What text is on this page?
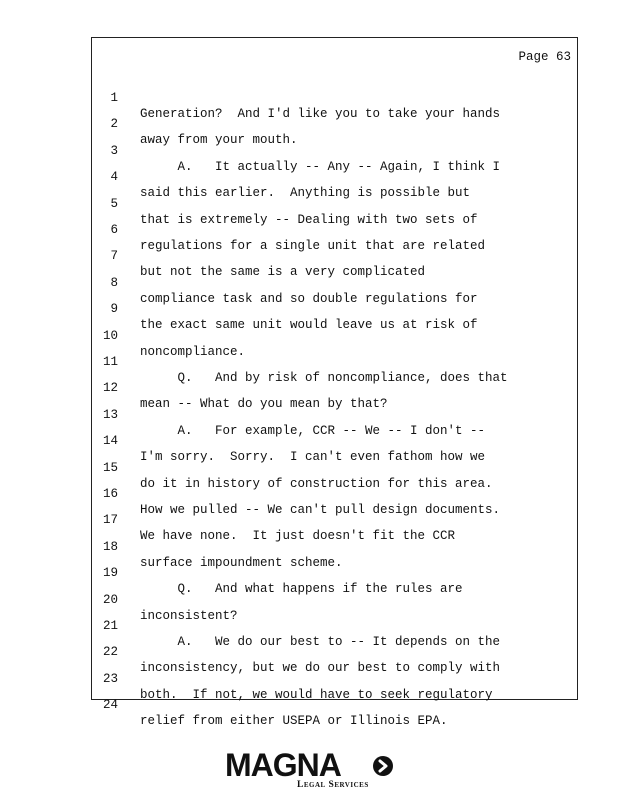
Page 63

1

Generation?  And I'd like you to take your hands

2

away from your mouth.

3

A.   It actually -- Any -- Again, I think I

4

said this earlier.  Anything is possible but

5

that is extremely -- Dealing with two sets of

6

regulations for a single unit that are related

7

but not the same is a very complicated

8

compliance task and so double regulations for

9

the exact same unit would leave us at risk of

10

noncompliance.

11

Q.   And by risk of noncompliance, does that

12

mean -- What do you mean by that?

13

A.   For example, CCR -- We -- I don't --

14

I'm sorry.  Sorry.  I can't even fathom how we

15

do it in history of construction for this area.

16

How we pulled -- We can't pull design documents.

17

We have none.  It just doesn't fit the CCR

18

surface impoundment scheme.

19

Q.   And what happens if the rules are

20

inconsistent?

21

A.   We do our best to -- It depends on the

22

inconsistency, but we do our best to comply with

23

both.  If not, we would have to seek regulatory

24

relief from either USEPA or Illinois EPA.

MAGNA
Legal Services
